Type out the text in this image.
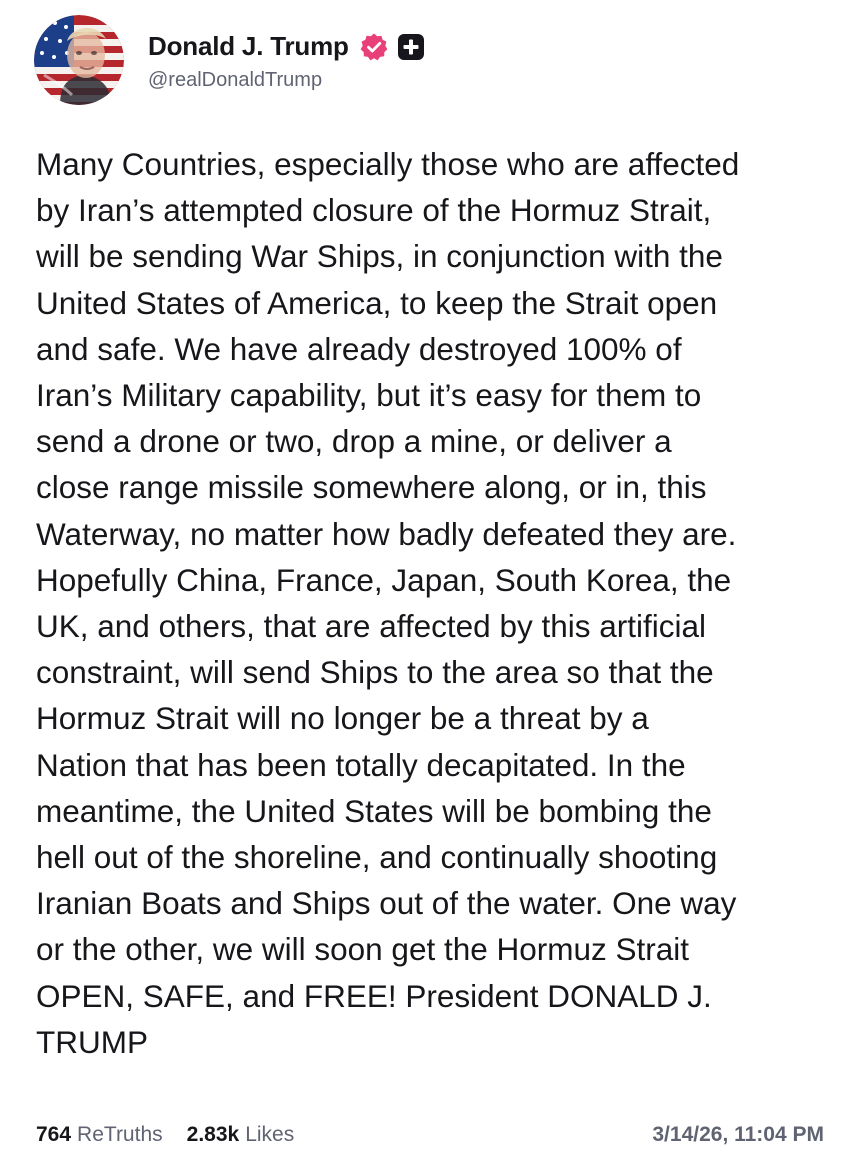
Donald J. Trump
@realDonaldTrump

Many Countries, especially those who are affected
by Iran’s attempted closure of the Hormuz Strait,
will be sending War Ships, in conjunction with the
United States of America, to keep the Strait open
and safe. We have already destroyed 100% of
Iran’s Military capability, but it’s easy for them to
send a drone or two, drop a mine, or deliver a
close range missile somewhere along, or in, this
Waterway, no matter how badly defeated they are.
Hopefully China, France, Japan, South Korea, the
UK, and others, that are affected by this artificial
constraint, will send Ships to the area so that the
Hormuz Strait will no longer be a threat by a
Nation that has been totally decapitated. In the
meantime, the United States will be bombing the
hell out of the shoreline, and continually shooting
Iranian Boats and Ships out of the water. One way
or the other, we will soon get the Hormuz Strait
OPEN, SAFE, and FREE! President DONALD J.
TRUMP

764 ReTruths 2.83k Likes	3/14/26, 11:04 PM
